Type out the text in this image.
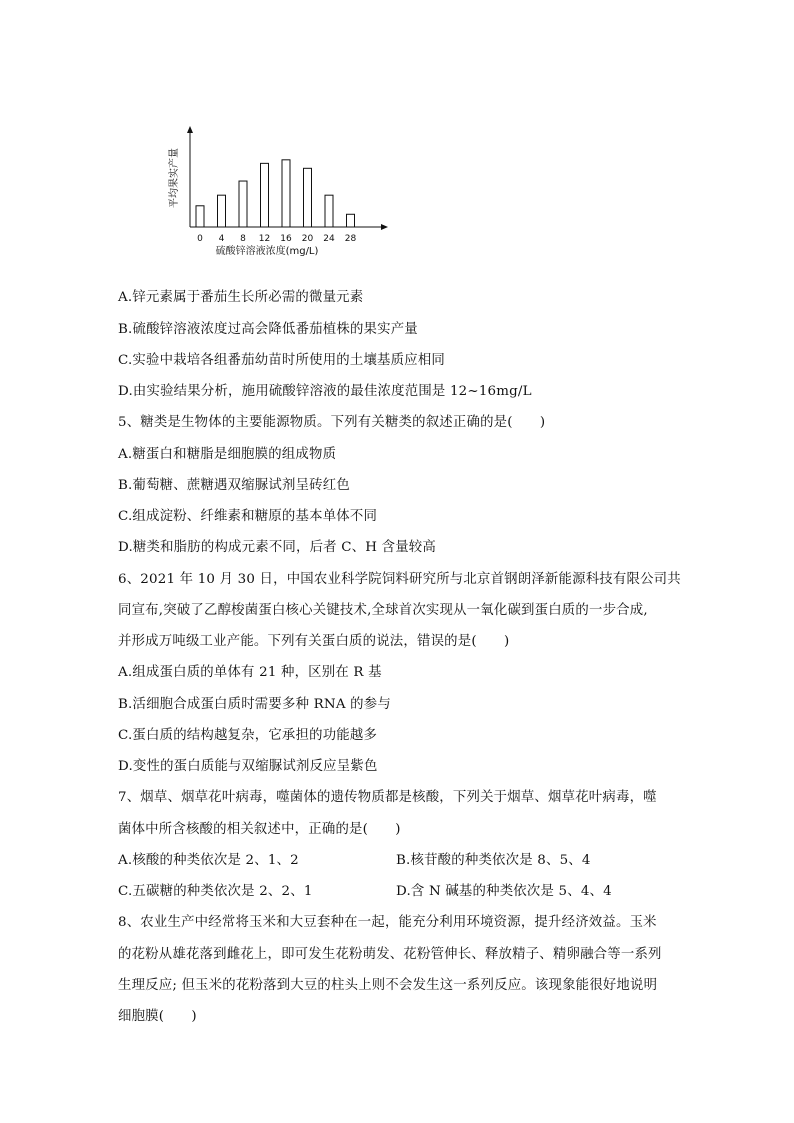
0 4 8 12 16 20 24 28
平均果实产量
硫酸锌溶液浓度(mg/L)
A.锌元素属于番茄生长所必需的微量元素
B.硫酸锌溶液浓度过高会降低番茄植株的果实产量
C.实验中栽培各组番茄幼苗时所使用的土壤基质应相同
D.由实验结果分析，施用硫酸锌溶液的最佳浓度范围是 12~16mg/L
5、糖类是生物体的主要能源物质。下列有关糖类的叙述正确的是(　　)
A.糖蛋白和糖脂是细胞膜的组成物质
B.葡萄糖、蔗糖遇双缩脲试剂呈砖红色
C.组成淀粉、纤维素和糖原的基本单体不同
D.糖类和脂肪的构成元素不同，后者 C、H 含量较高
6、2021 年 10 月 30 日，中国农业科学院饲料研究所与北京首钢朗泽新能源科技有限公司共
同宣布,突破了乙醇梭菌蛋白核心关键技术,全球首次实现从一氧化碳到蛋白质的一步合成,
并形成万吨级工业产能。下列有关蛋白质的说法，错误的是(　　)
A.组成蛋白质的单体有 21 种，区别在 R 基
B.活细胞合成蛋白质时需要多种 RNA 的参与
C.蛋白质的结构越复杂，它承担的功能越多
D.变性的蛋白质能与双缩脲试剂反应呈紫色
7、烟草、烟草花叶病毒，噬菌体的遗传物质都是核酸，下列关于烟草、烟草花叶病毒，噬
菌体中所含核酸的相关叙述中，正确的是(　　)
A.核酸的种类依次是 2、1、2	B.核苷酸的种类依次是 8、5、4
C.五碳糖的种类依次是 2、2、1	D.含 N 碱基的种类依次是 5、4、4
8、农业生产中经常将玉米和大豆套种在一起，能充分利用环境资源，提升经济效益。玉米
的花粉从雄花落到雌花上，即可发生花粉萌发、花粉管伸长、释放精子、精卵融合等一系列
生理反应; 但玉米的花粉落到大豆的柱头上则不会发生这一系列反应。该现象能很好地说明
细胞膜(　　)
